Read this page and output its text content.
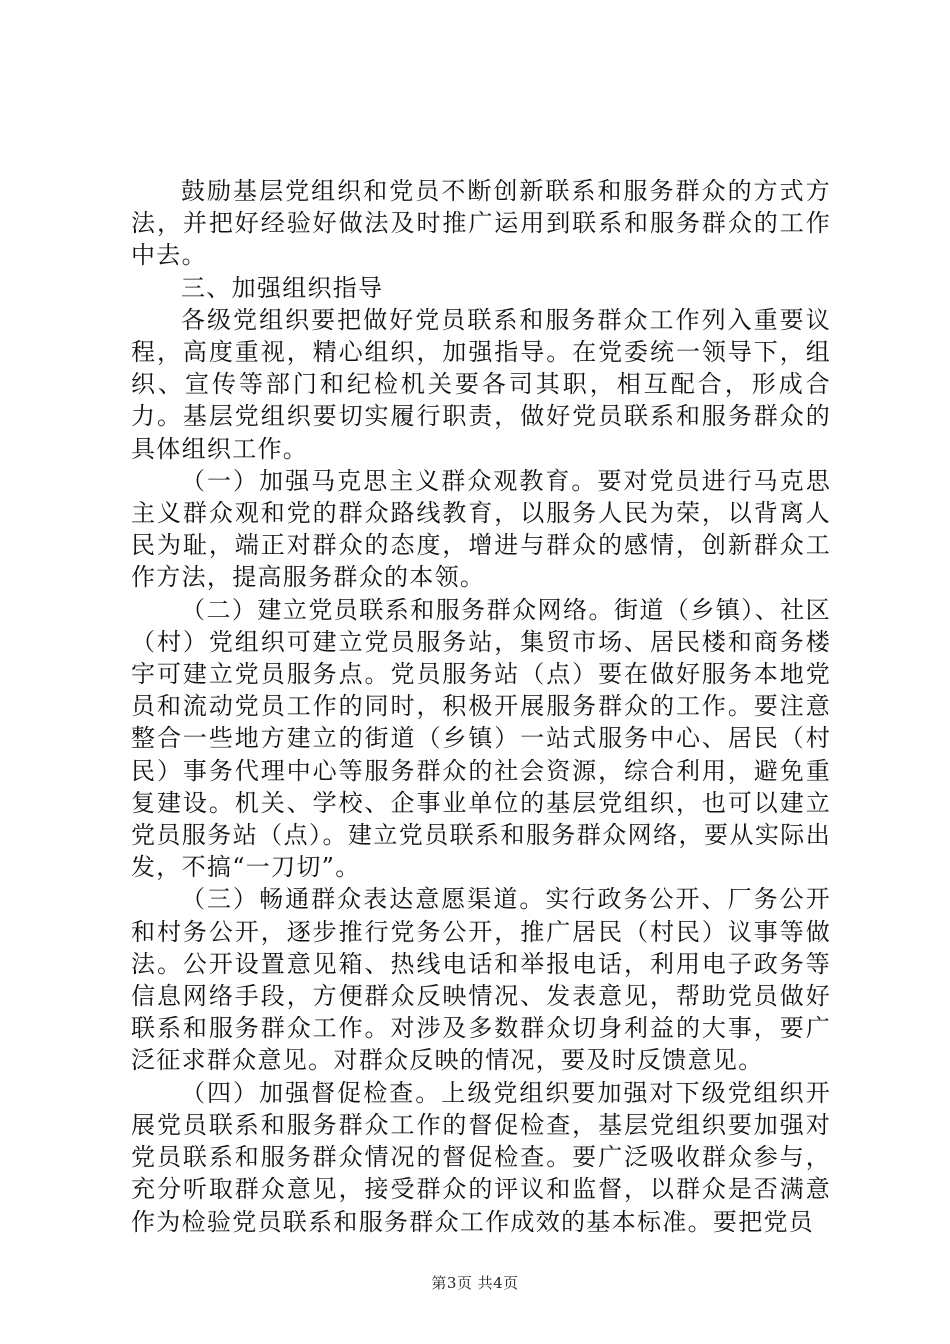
鼓励基层党组织和党员不断创新联系和服务群众的方式方法，并把好经验好做法及时推广运用到联系和服务群众的工作中去。

三、加强组织指导

各级党组织要把做好党员联系和服务群众工作列入重要议程，高度重视，精心组织，加强指导。在党委统一领导下，组织、宣传等部门和纪检机关要各司其职，相互配合，形成合力。基层党组织要切实履行职责，做好党员联系和服务群众的具体组织工作。

（一）加强马克思主义群众观教育。要对党员进行马克思主义群众观和党的群众路线教育，以服务人民为荣，以背离人民为耻，端正对群众的态度，增进与群众的感情，创新群众工作方法，提高服务群众的本领。

（二）建立党员联系和服务群众网络。街道（乡镇）、社区（村）党组织可建立党员服务站，集贸市场、居民楼和商务楼宇可建立党员服务点。党员服务站（点）要在做好服务本地党员和流动党员工作的同时，积极开展服务群众的工作。要注意整合一些地方建立的街道（乡镇）一站式服务中心、居民（村民）事务代理中心等服务群众的社会资源，综合利用，避免重复建设。机关、学校、企事业单位的基层党组织，也可以建立党员服务站（点）。建立党员联系和服务群众网络，要从实际出发，不搞“一刀切”。

（三）畅通群众表达意愿渠道。实行政务公开、厂务公开和村务公开，逐步推行党务公开，推广居民（村民）议事等做法。公开设置意见箱、热线电话和举报电话，利用电子政务等信息网络手段，方便群众反映情况、发表意见，帮助党员做好联系和服务群众工作。对涉及多数群众切身利益的大事，要广泛征求群众意见。对群众反映的情况，要及时反馈意见。

（四）加强督促检查。上级党组织要加强对下级党组织开展党员联系和服务群众工作的督促检查，基层党组织要加强对党员联系和服务群众情况的督促检查。要广泛吸收群众参与，充分听取群众意见，接受群众的评议和监督，以群众是否满意作为检验党员联系和服务群众工作成效的基本标准。要把党员

第3页 共4页
